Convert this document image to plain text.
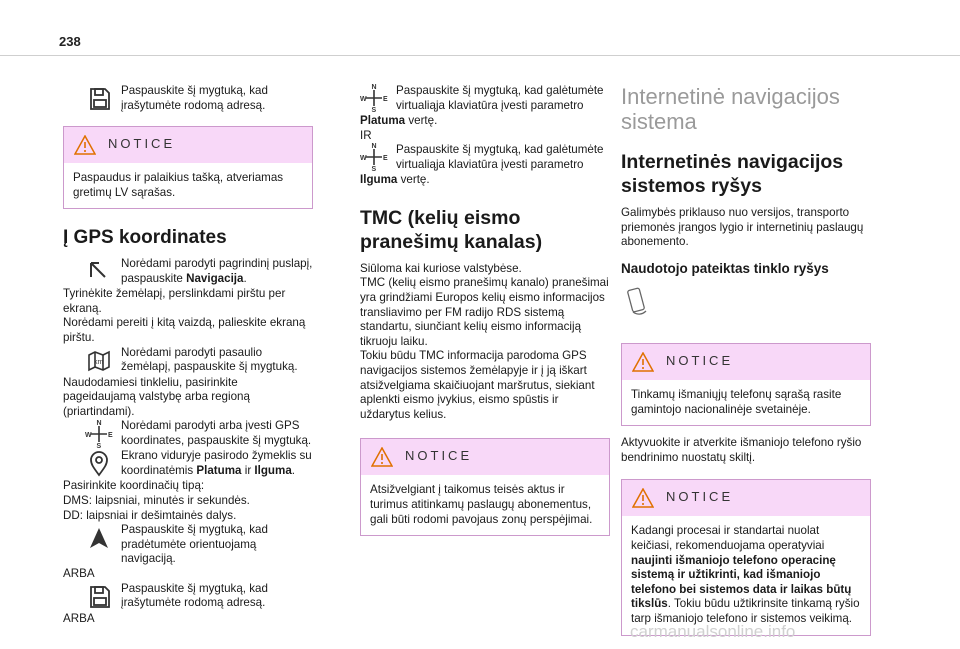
238

Paspauskite šį mygtuką, kad įrašytumėte rodomą adresą.

NOTICE
Paspaudus ir palaikius tašką, atveriamas gretimų LV sąrašas.
Į GPS koordinates

Norėdami parodyti pagrindinį puslapį, paspauskite Navigacija.

Tyrinėkite žemėlapį, perslinkdami pirštu per ekraną.

Norėdami pereiti į kitą vaizdą, palieskite ekraną pirštu.

km

Norėdami parodyti pasaulio žemėlapį, paspauskite šį mygtuką.

Naudodamiesi tinkleliu, pasirinkite pageidaujamą valstybę arba regioną (priartindami).

N
S
W E

Norėdami parodyti arba įvesti GPS koordinates, paspauskite šį mygtuką.

Ekrano viduryje pasirodo žymeklis su koordinatėmis Platuma ir Ilguma.

Pasirinkite koordinačių tipą:

DMS: laipsniai, minutės ir sekundės.

DD: laipsniai ir dešimtainės dalys.

Paspauskite šį mygtuką, kad pradėtumėte orientuojamą navigaciją.

ARBA

Paspauskite šį mygtuką, kad įrašytumėte rodomą adresą.

ARBA

N
S
W E

Paspauskite šį mygtuką, kad galėtumėte virtualiąja klaviatūra įvesti parametro

Platuma vertę.

IR

N
S
W E

Paspauskite šį mygtuką, kad galėtumėte virtualiąja klaviatūra įvesti parametro

Ilguma vertę.

TMC (kelių eismo pranešimų kanalas)

Siūloma kai kuriose valstybėse.

TMC (kelių eismo pranešimų kanalo) pranešimai yra grindžiami Europos kelių eismo informacijos transliavimo per FM radijo RDS sistemą standartu, siunčiant kelių eismo informaciją tikruoju laiku.

Tokiu būdu TMC informacija parodoma GPS navigacijos sistemos žemėlapyje ir į ją iškart atsižvelgiama skaičiuojant maršrutus, siekiant aplenkti eismo įvykius, eismo spūstis ir uždarytus kelius.

NOTICE
Atsižvelgiant į taikomus teisės aktus ir turimus atitinkamų paslaugų abonementus, gali būti rodomi pavojaus zonų perspėjimai.
Internetinė navigacijos sistema
Internetinės navigacijos sistemos ryšys

Galimybės priklauso nuo versijos, transporto priemonės įrangos lygio ir internetinių paslaugų abonemento.

Naudotojo pateiktas tinklo ryšys
NOTICE
Tinkamų išmaniųjų telefonų sąrašą rasite gamintojo nacionalinėje svetainėje.

Aktyvuokite ir atverkite išmaniojo telefono ryšio bendrinimo nuostatų skiltį.

NOTICE
Kadangi procesai ir standartai nuolat keičiasi, rekomenduojama operatyviai naujinti išmaniojo telefono operacinę sistemą ir užtikrinti, kad išmaniojo telefono bei sistemos data ir laikas būtų tikslūs. Tokiu būdu užtikrinsite tinkamą ryšio tarp išmaniojo telefono ir sistemos veikimą.
carmanualsonline.info
